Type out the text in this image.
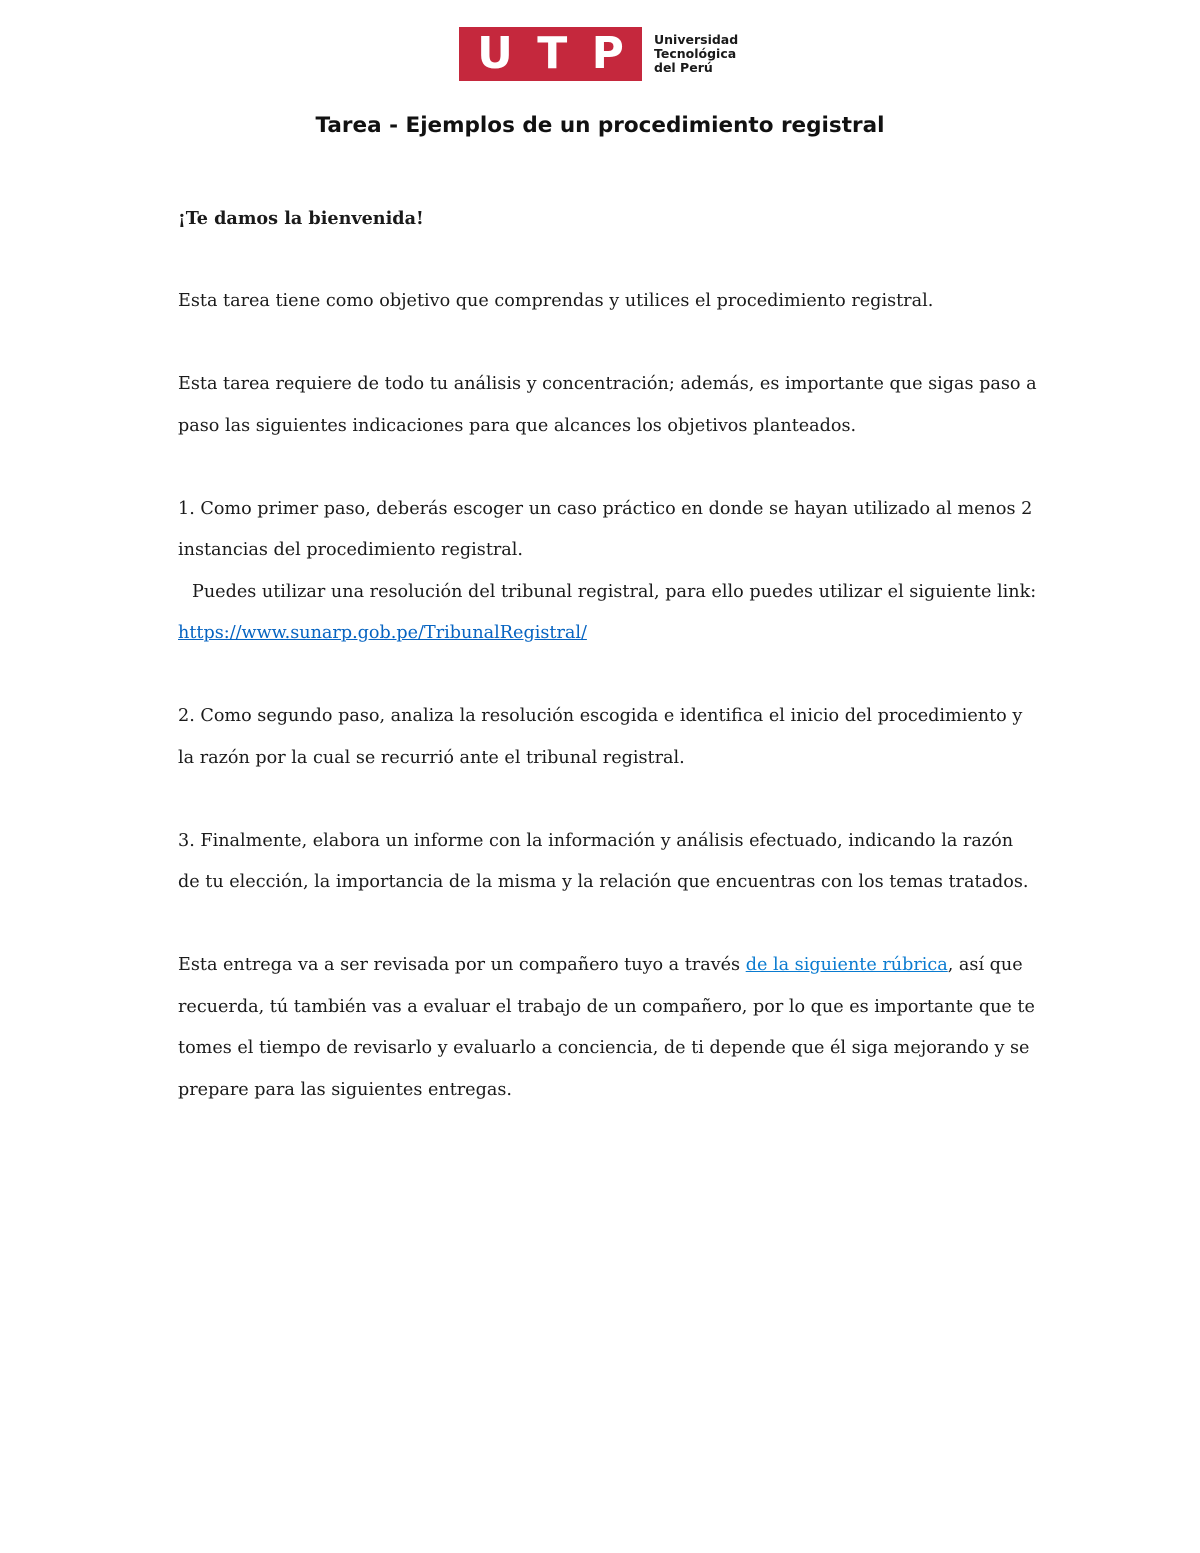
U T P Universidad
Tecnológica
del Perú
Tarea - Ejemplos de un procedimiento registral

¡Te damos la bienvenida!

Esta tarea tiene como objetivo que comprendas y utilices el procedimiento registral.

Esta tarea requiere de todo tu análisis y concentración; además, es importante que sigas paso a paso las siguientes indicaciones para que alcances los objetivos planteados.

1. Como primer paso, deberás escoger un caso práctico en donde se hayan utilizado al menos 2 instancias del procedimiento registral.
Puedes utilizar una resolución del tribunal registral, para ello puedes utilizar el siguiente link: https://www.sunarp.gob.pe/TribunalRegistral/

2. Como segundo paso, analiza la resolución escogida e identifica el inicio del procedimiento y la razón por la cual se recurrió ante el tribunal registral.

3. Finalmente, elabora un informe con la información y análisis efectuado, indicando la razón de tu elección, la importancia de la misma y la relación que encuentras con los temas tratados.

Esta entrega va a ser revisada por un compañero tuyo a través de la siguiente rúbrica, así que recuerda, tú también vas a evaluar el trabajo de un compañero, por lo que es importante que te tomes el tiempo de revisarlo y evaluarlo a conciencia, de ti depende que él siga mejorando y se prepare para las siguientes entregas.
